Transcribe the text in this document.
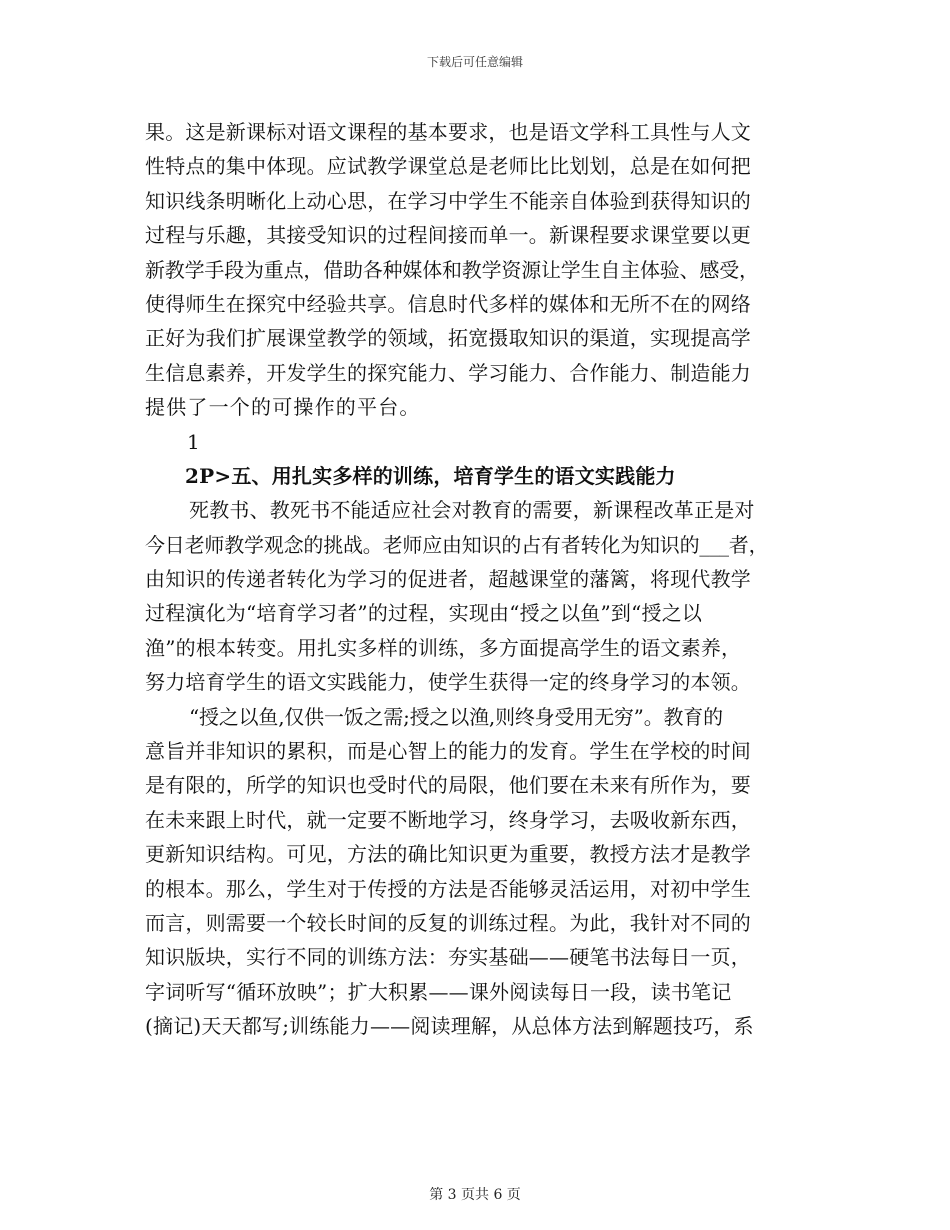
下载后可任意编辑
果。这是新课标对语文课程的基本要求，也是语文学科工具性与人文
性特点的集中体现。应试教学课堂总是老师比比划划，总是在如何把
知识线条明晰化上动心思，在学习中学生不能亲自体验到获得知识的
过程与乐趣，其接受知识的过程间接而单一。新课程要求课堂要以更
新教学手段为重点，借助各种媒体和教学资源让学生自主体验、感受，
使得师生在探究中经验共享。信息时代多样的媒体和无所不在的网络
正好为我们扩展课堂教学的领域，拓宽摄取知识的渠道，实现提高学
生信息素养，开发学生的探究能力、学习能力、合作能力、制造能力
提供了一个的可操作的平台。
1
2P>五、用扎实多样的训练，培育学生的语文实践能力
死教书、教死书不能适应社会对教育的需要，新课程改革正是对
今日老师教学观念的挑战。老师应由知识的占有者转化为知识的___者，
由知识的传递者转化为学习的促进者，超越课堂的藩篱，将现代教学
过程演化为“培育学习者”的过程，实现由“授之以鱼”到“授之以
渔”的根本转变。用扎实多样的训练，多方面提高学生的语文素养，
努力培育学生的语文实践能力，使学生获得一定的终身学习的本领。
“授之以鱼,仅供一饭之需;授之以渔,则终身受用无穷”。教育的
意旨并非知识的累积，而是心智上的能力的发育。学生在学校的时间
是有限的，所学的知识也受时代的局限，他们要在未来有所作为，要
在未来跟上时代，就一定要不断地学习，终身学习，去吸收新东西，
更新知识结构。可见，方法的确比知识更为重要，教授方法才是教学
的根本。那么，学生对于传授的方法是否能够灵活运用，对初中学生
而言，则需要一个较长时间的反复的训练过程。为此，我针对不同的
知识版块，实行不同的训练方法：夯实基础——硬笔书法每日一页，
字词听写“循环放映”；扩大积累——课外阅读每日一段，读书笔记
(摘记)天天都写;训练能力——阅读理解，从总体方法到解题技巧，系
第 3 页共 6 页
